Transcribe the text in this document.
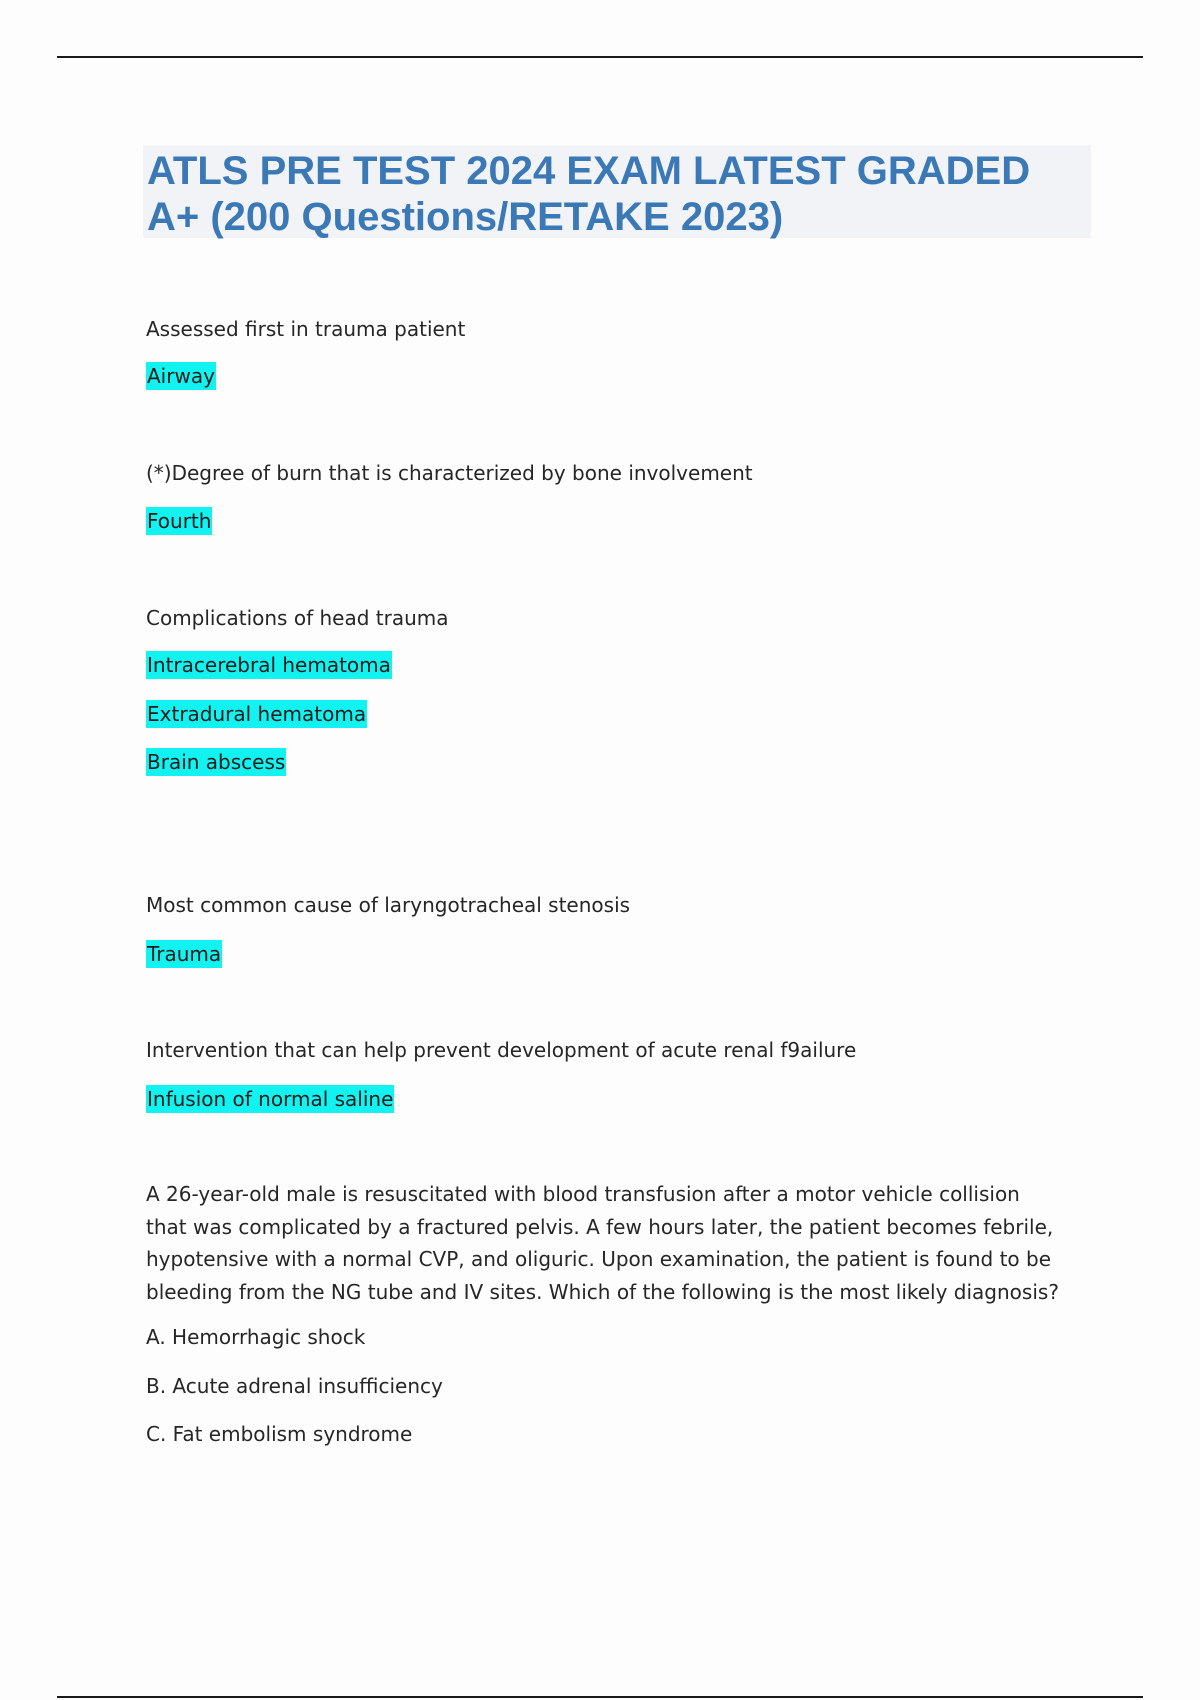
ATLS PRE TEST 2024 EXAM LATEST GRADED A+ (200 Questions/RETAKE 2023)

Assessed first in trauma patient

Airway

(*)Degree of burn that is characterized by bone involvement

Fourth

Complications of head trauma

Intracerebral hematoma

Extradural hematoma

Brain abscess

Most common cause of laryngotracheal stenosis

Trauma

Intervention that can help prevent development of acute renal f9ailure

Infusion of normal saline

A 26-year-old male is resuscitated with blood transfusion after a motor vehicle collision that was complicated by a fractured pelvis. A few hours later, the patient becomes febrile, hypotensive with a normal CVP, and oliguric. Upon examination, the patient is found to be bleeding from the NG tube and IV sites. Which of the following is the most likely diagnosis?

A. Hemorrhagic shock

B. Acute adrenal insufficiency

C. Fat embolism syndrome
